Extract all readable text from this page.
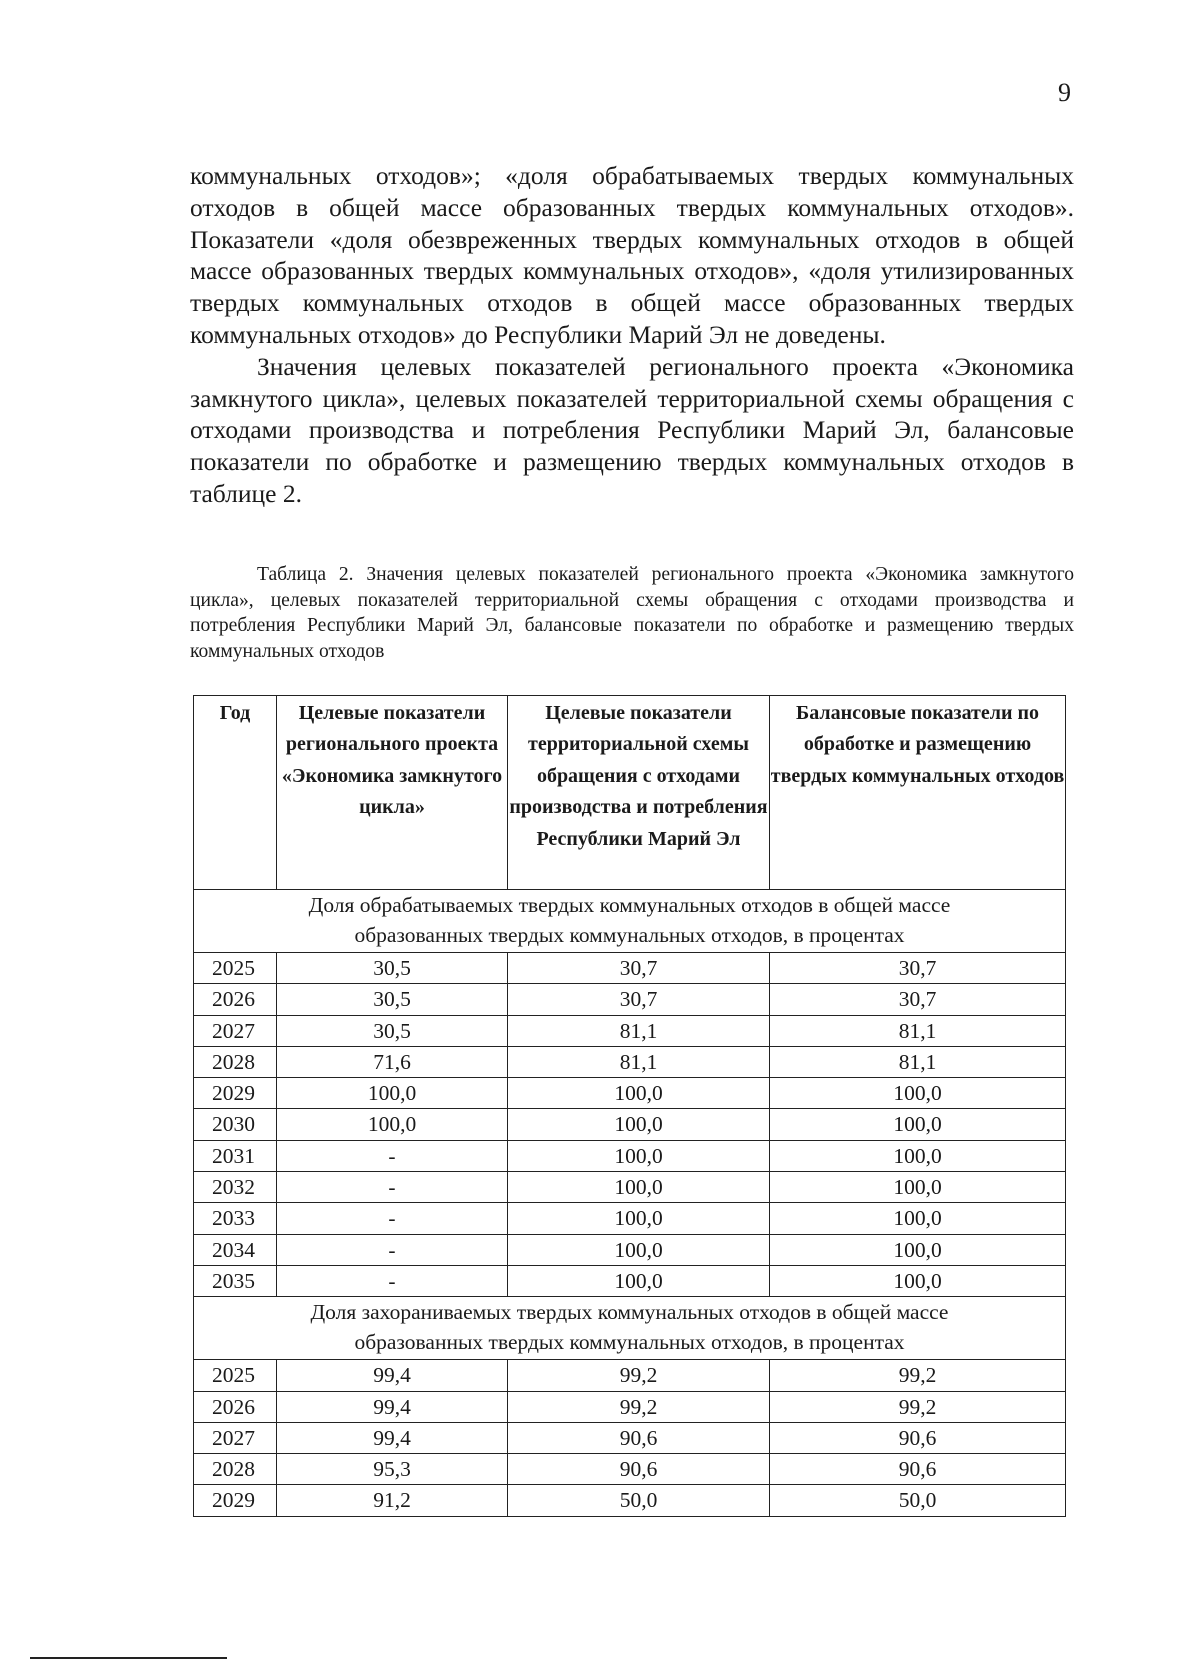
9

коммунальных отходов»; «доля обрабатываемых твердых коммунальных отходов в общей массе образованных твердых коммунальных отходов». Показатели «доля обезвреженных твердых коммунальных отходов в общей массе образованных твердых коммунальных отходов», «доля утилизированных твердых коммунальных отходов в общей массе образованных твердых коммунальных отходов» до Республики Марий Эл не доведены.

Значения целевых показателей регионального проекта «Экономика замкнутого цикла», целевых показателей территориальной схемы обращения с отходами производства и потребления Республики Марий Эл, балансовые показатели по обработке и размещению твердых коммунальных отходов в таблице 2.

Таблица 2. Значения целевых показателей регионального проекта «Экономика замкнутого цикла», целевых показателей территориальной схемы обращения с отходами производства и потребления Республики Марий Эл, балансовые показатели по обработке и размещению твердых коммунальных отходов
Год	Целевые показатели регионального проекта «Экономика замкнутого цикла»	Целевые показатели территориальной схемы обращения с отходами производства и потребления Республики Марий Эл	Балансовые показатели по обработке и размещению твердых коммунальных отходов

Доля обрабатываемых твердых коммунальных отходов в общей массе образованных твердых коммунальных отходов, в процентах			

2025	30,5	30,7	30,7
2026	30,5	30,7	30,7
2027	30,5	81,1	81,1
2028	71,6	81,1	81,1
2029	100,0	100,0	100,0
2030	100,0	100,0	100,0
2031	-	100,0	100,0
2032	-	100,0	100,0
2033	-	100,0	100,0
2034	-	100,0	100,0
2035	-	100,0	100,0

Доля захораниваемых твердых коммунальных отходов в общей массе образованных твердых коммунальных отходов, в процентах			

2025	99,4	99,2	99,2
2026	99,4	99,2	99,2
2027	99,4	90,6	90,6
2028	95,3	90,6	90,6
2029	91,2	50,0	50,0
